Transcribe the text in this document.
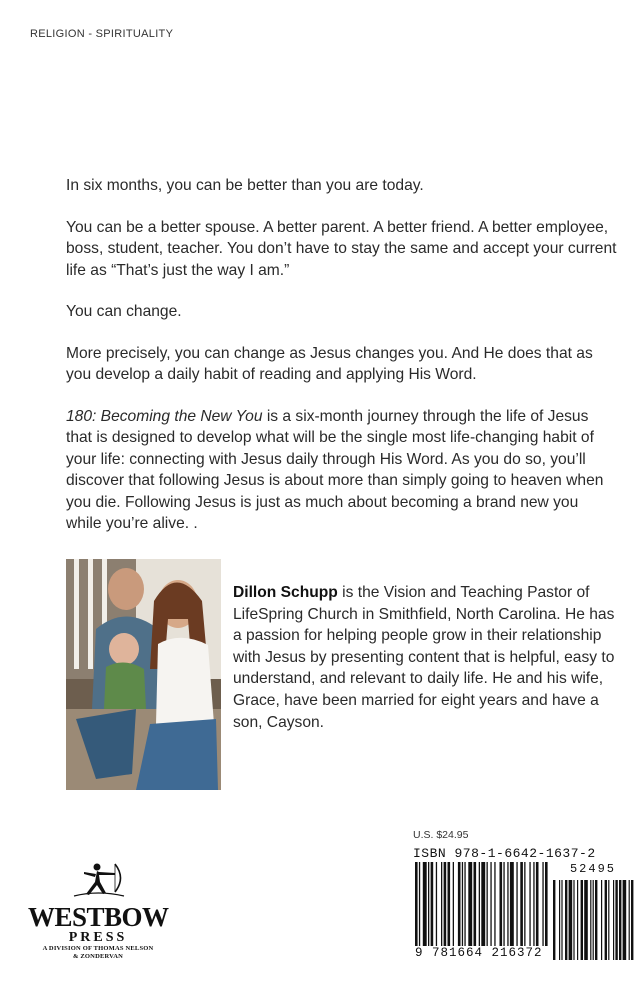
RELIGION - SPIRITUALITY

In six months, you can be better than you are today.

You can be a better spouse. A better parent. A better friend. A better employee, boss, student, teacher. You don’t have to stay the same and accept your current life as “That’s just the way I am.”

You can change.

More precisely, you can change as Jesus changes you. And He does that as you develop a daily habit of reading and applying His Word.

180: Becoming the New You is a six-month journey through the life of Jesus that is designed to develop what will be the single most life-changing habit of your life: connecting with Jesus daily through His Word. As you do so, you’ll discover that following Jesus is about more than simply going to heaven when you die. Following Jesus is just as much about becoming a brand new you while you’re alive. .

Dillon Schupp is the Vision and Teaching Pastor of LifeSpring Church in Smithfield, North Carolina. He has a passion for helping people grow in their relationship with Jesus by presenting content that is helpful, easy to understand, and relevant to daily life. He and his wife, Grace, have been married for eight years and have a son, Cayson.
WESTBOW
PRESS
A DIVISION OF THOMAS NELSON
& ZONDERVAN
U.S. $24.95
ISBN 978-1-6642-1637-2
52495
9 781664 216372
